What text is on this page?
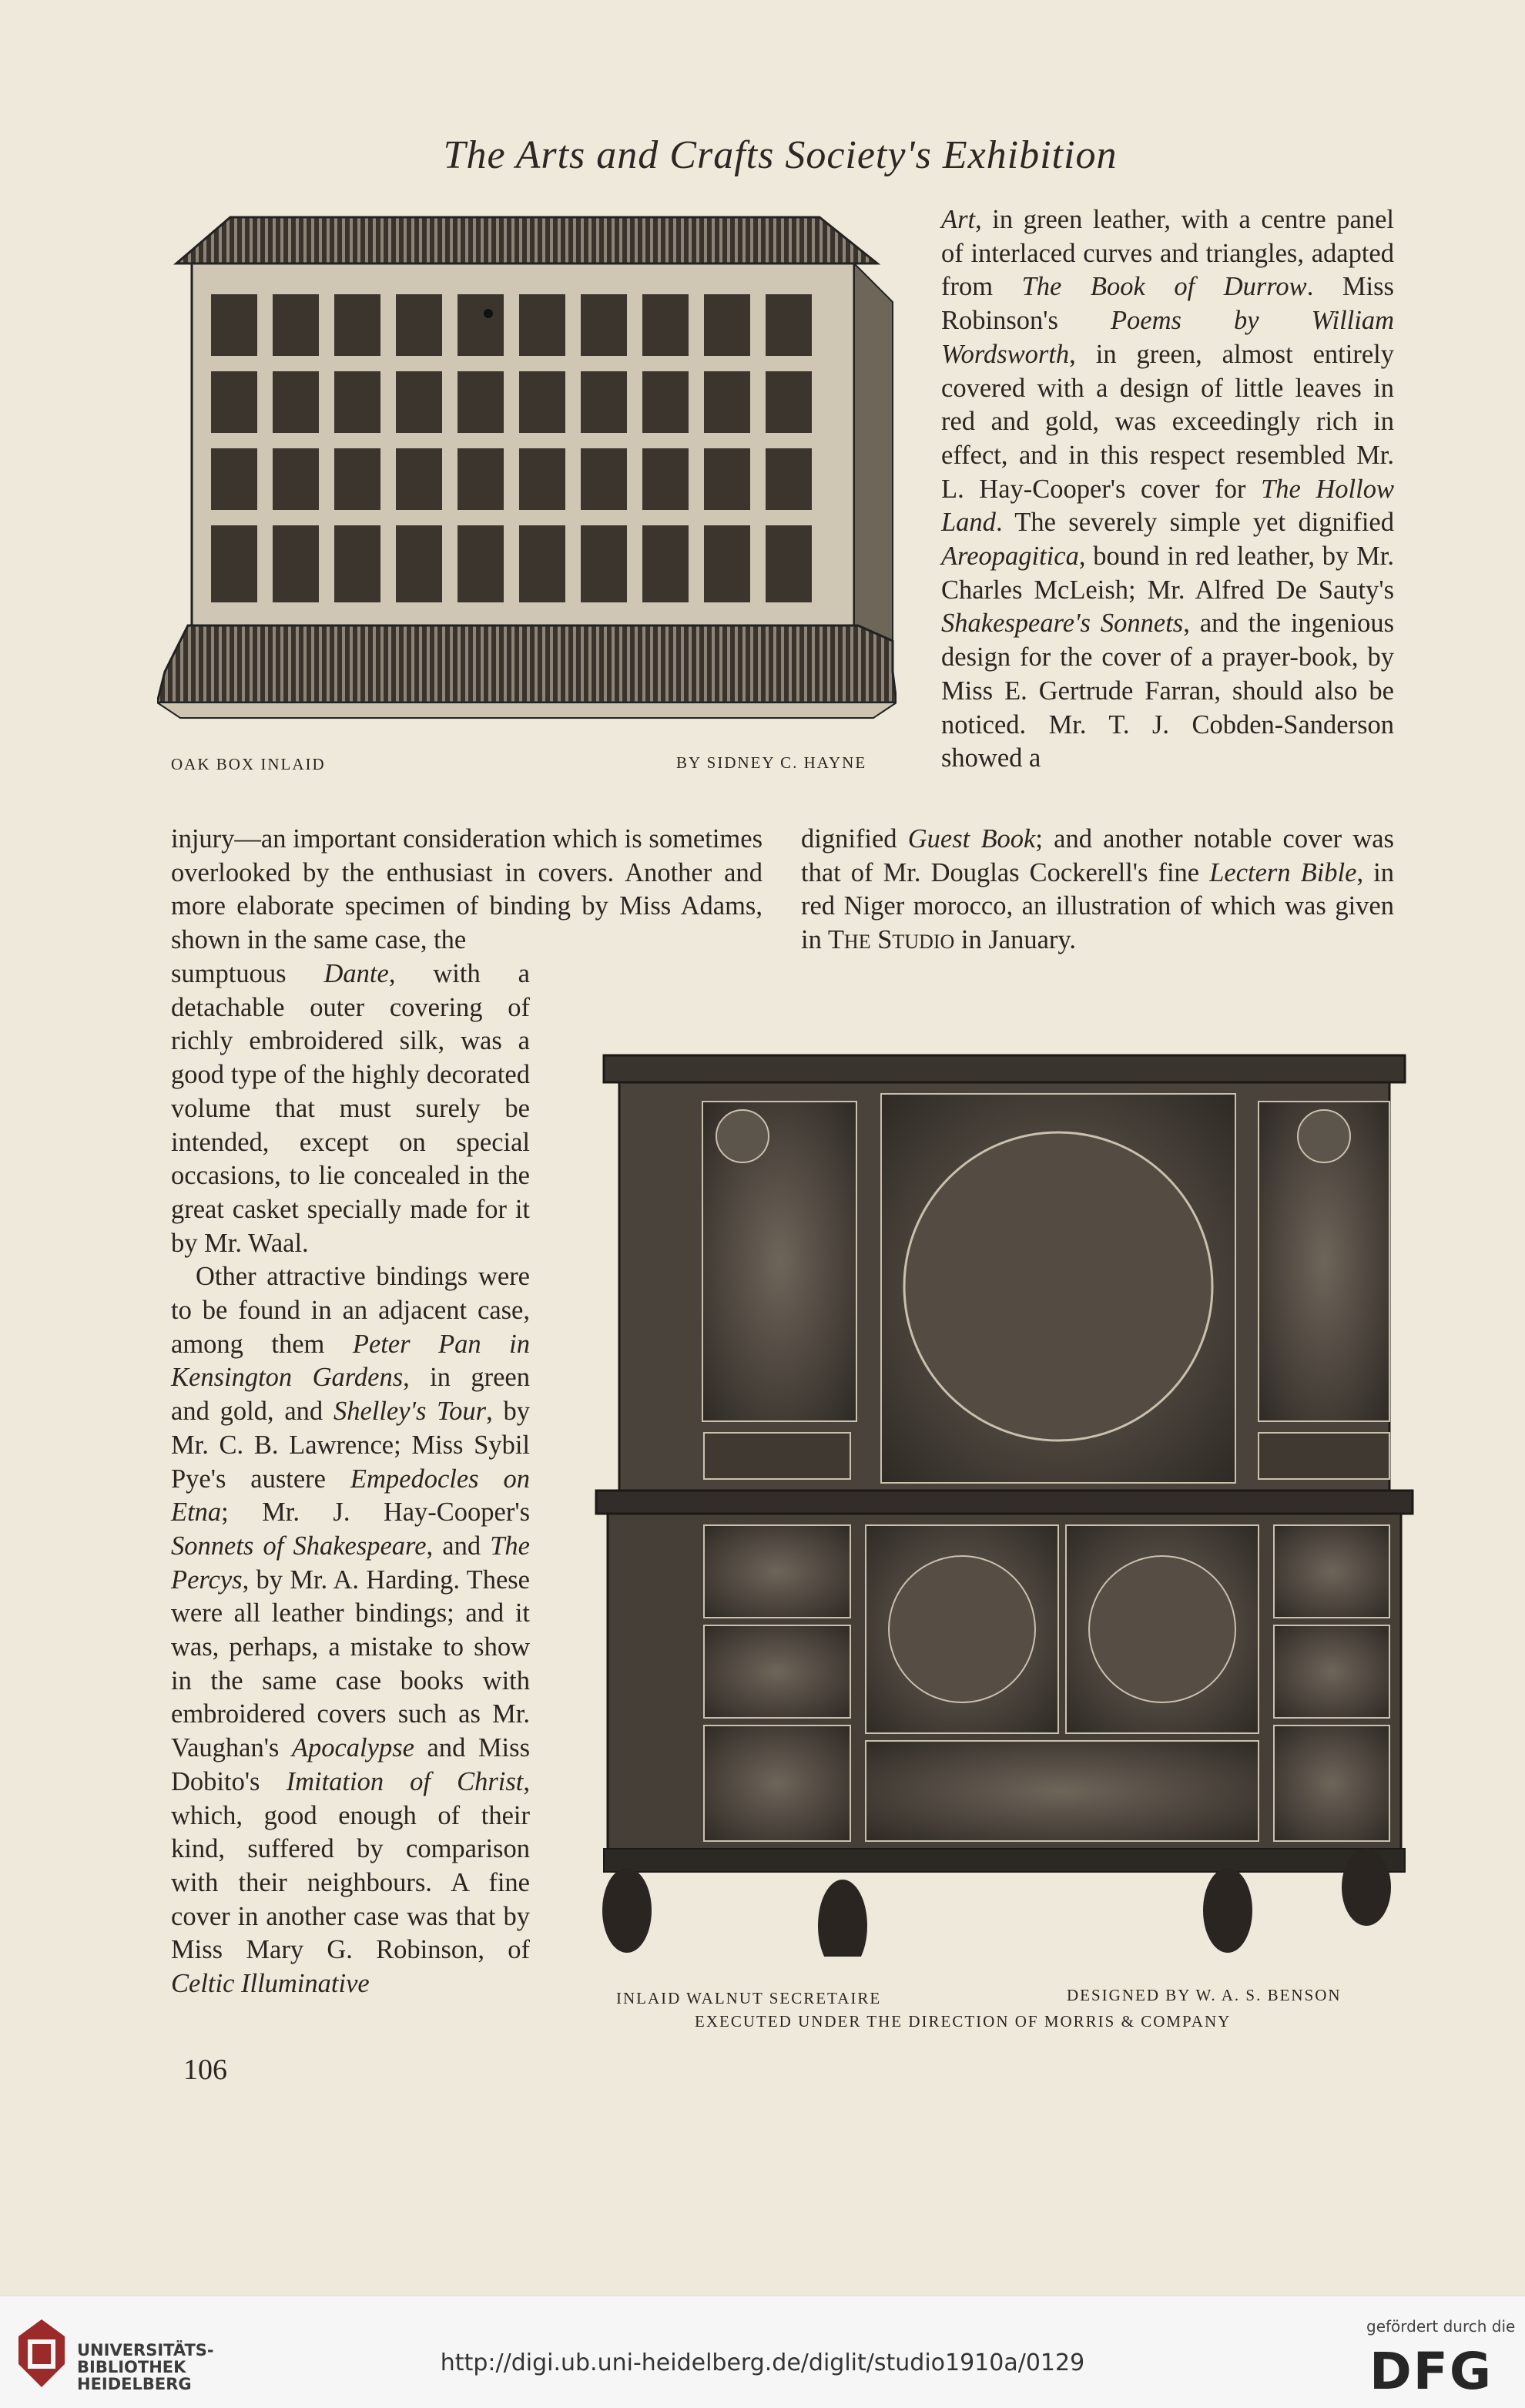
The Arts and Crafts Society's Exhibition
OAK BOX INLAID	BY SIDNEY C. HAYNE

Art, in green leather, with a centre panel of interlaced curves and triangles, adapted from The Book of Durrow. Miss Robinson's Poems by William Wordsworth, in green, almost entirely covered with a design of little leaves in red and gold, was exceedingly rich in effect, and in this respect resembled Mr. L. Hay-Cooper's cover for The Hollow Land. The severely simple yet dignified Areopagitica, bound in red leather, by Mr. Charles McLeish; Mr. Alfred De Sauty's Shakespeare's Sonnets, and the ingenious design for the cover of a prayer-book, by Miss E. Gertrude Farran, should also be noticed. Mr. T. J. Cobden-Sanderson showed a

injury—an important consideration which is sometimes overlooked by the enthusiast in covers. Another and more elaborate specimen of binding by Miss Adams, shown in the same case, the

dignified Guest Book; and another notable cover was that of Mr. Douglas Cockerell's fine Lectern Bible, in red Niger morocco, an illustration of which was given in THE STUDIO in January.

sumptuous Dante, with a detachable outer covering of richly embroidered silk, was a good type of the highly decorated volume that must surely be intended, except on special occasions, to lie concealed in the great casket specially made for it by Mr. Waal.
Other attractive bindings were to be found in an adjacent case, among them Peter Pan in Kensington Gardens, in green and gold, and Shelley's Tour, by Mr. C. B. Lawrence; Miss Sybil Pye's austere Empedocles on Etna; Mr. J. Hay-Cooper's Sonnets of Shakespeare, and The Percys, by Mr. A. Harding. These were all leather bindings; and it was, perhaps, a mistake to show in the same case books with embroidered covers such as Mr. Vaughan's Apocalypse and Miss Dobito's Imitation of Christ, which, good enough of their kind, suffered by comparison with their neighbours. A fine cover in another case was that by Miss Mary G. Robinson, of Celtic Illuminative	INLAID WALNUT SECRETAIRE	DESIGNED BY W. A. S. BENSON
EXECUTED UNDER THE DIRECTION OF MORRIS & COMPANY
106
UNIVERSITÄTS-
BIBLIOTHEK
HEIDELBERG
http://digi.ub.uni-heidelberg.de/diglit/studio1910a/0129
gefördert durch die
DFG
